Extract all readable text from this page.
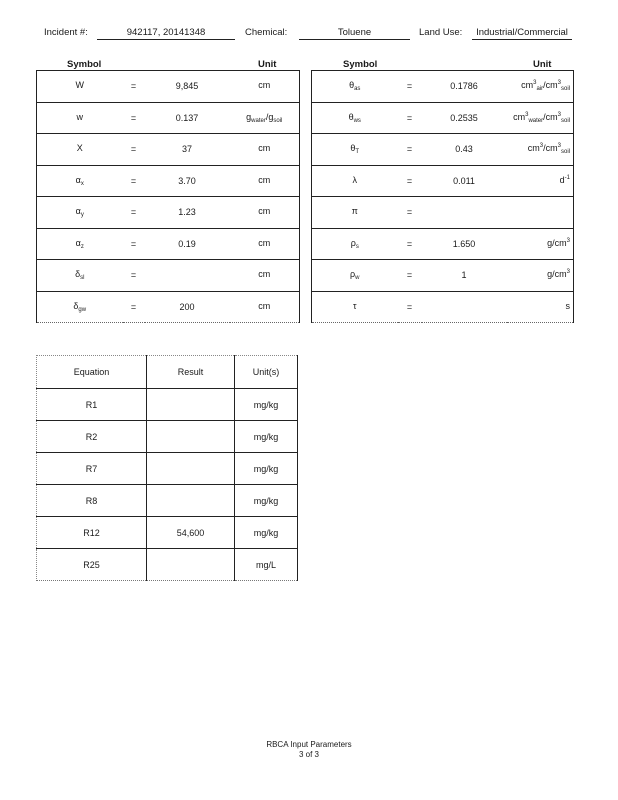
Incident #:	942117, 20141348	Chemical:	Toluene	Land Use:	Industrial/Commercial
Symbol	Unit	Symbol	Unit
W	=	9,845	cm
w	=	0.137	$g_{water}/g_{soil}$
X	=	37	cm
$\alpha_x$	=	3.70	cm
$\alpha_y$	=	1.23	cm
$\alpha_z$	=	0.19	cm
$\delta_{sl}$	=		cm
$\delta_{gw}$	=	200	cm
$\theta_{as}$	=	0.1786	$cm^3_{air}/cm^3_{soil}$
$\theta_{ws}$	=	0.2535	$cm^3_{water}/cm^3_{soil}$
$\theta_T$	=	0.43	$cm^3/cm^3_{soil}$
λ	=	0.011	$d^{-1}$
π	=		
$\rho_s$	=	1.650	$g/cm^3$
$\rho_w$	=	1	$g/cm^3$
τ	=		s
Equation	Result	Unit(s)
R1		mg/kg
R2		mg/kg
R7		mg/kg
R8		mg/kg
R12	54,600	mg/kg
R25		mg/L
RBCA Input Parameters
3 of 3
